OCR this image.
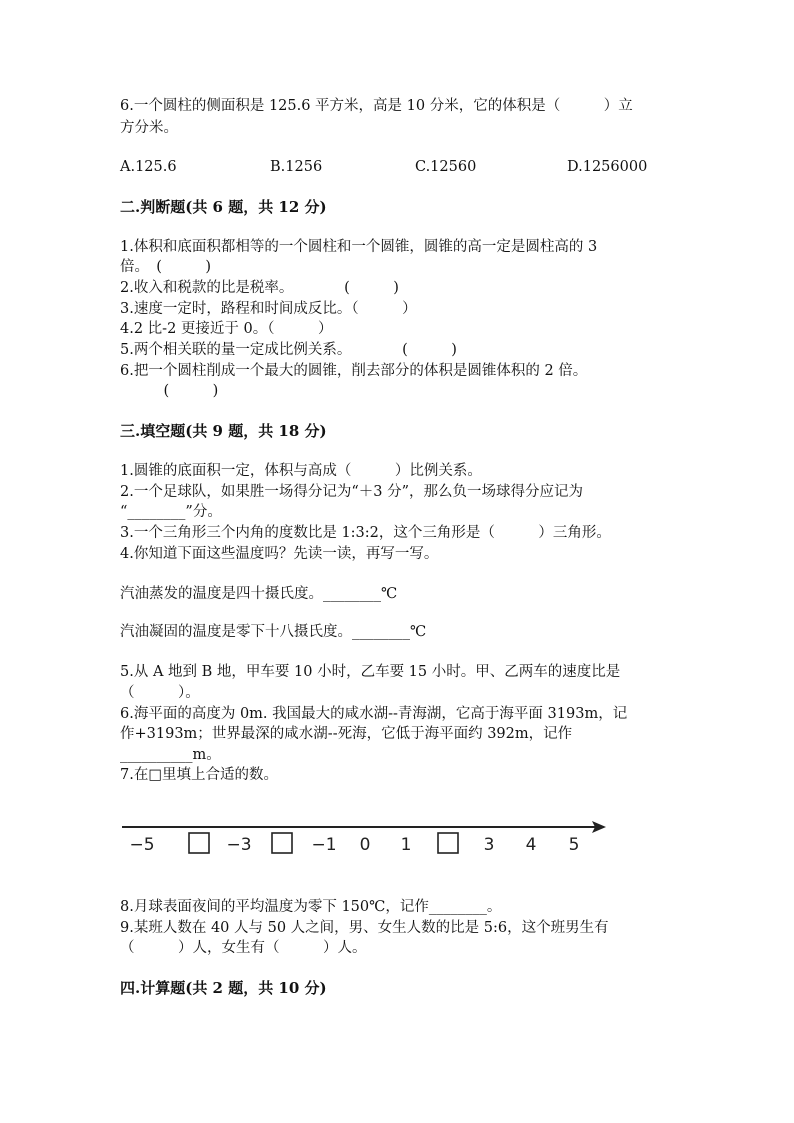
6.一个圆柱的侧面积是 125.6 平方米，高是 10 分米，它的体积是（　　　）立
方分米。
A.125.6	B.1256	C.12560	D.1256000
二.判断题(共 6 题，共 12 分)
1.体积和底面积都相等的一个圆柱和一个圆锥，圆锥的高一定是圆柱高的 3
倍。　(　　　)
2.收入和税款的比是税率。　　　　(　　　)
3.速度一定时，路程和时间成反比。（　　　）
4.2 比-2 更接近于 0。（　　　）
5.两个相关联的量一定成比例关系。　　　　(　　　)
6.把一个圆柱削成一个最大的圆锥，削去部分的体积是圆锥体积的 2 倍。
　　　(　　　)
三.填空题(共 9 题，共 18 分)
1.圆锥的底面积一定，体积与高成（　　　）比例关系。
2.一个足球队，如果胜一场得分记为“＋3 分”，那么负一场球得分应记为
“________”分。
3.一个三角形三个内角的度数比是 1:3:2，这个三角形是（　　　）三角形。
4.你知道下面这些温度吗？先读一读，再写一写。
汽油蒸发的温度是四十摄氏度。________℃
汽油凝固的温度是零下十八摄氏度。________℃
5.从 A 地到 B 地，甲车要 10 小时，乙车要 15 小时。甲、乙两车的速度比是
（　　　）。
6.海平面的高度为 0m. 我国最大的咸水湖--青海湖，它高于海平面 3193m，记
作+3193m；世界最深的咸水湖--死海，它低于海平面约 392m，记作
__________m。
7.在□里填上合适的数。
−5	−3	−1 0 1	3 4 5
8.月球表面夜间的平均温度为零下 150℃，记作________。
9.某班人数在 40 人与 50 人之间，男、女生人数的比是 5:6，这个班男生有
（　　　）人，女生有（　　　）人。
四.计算题(共 2 题，共 10 分)
